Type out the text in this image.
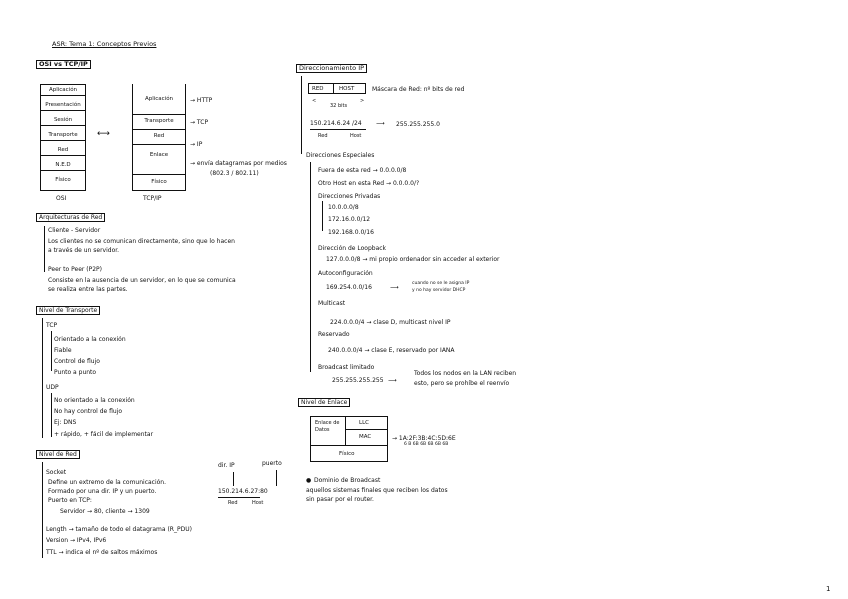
ASR: Tema 1: Conceptos Previos
OSI vs TCP/IP
Aplicación
Presentación
Sesión
Transporte
Red
N.E.D
Físico
OSI
⟷
Aplicación
Transporte
Red
Enlace
Físico
TCP/IP
→ HTTP
→ TCP
→ IP
→ envía datagramas por medios
(802.3 / 802.11)
Arquitecturas de Red
Cliente - Servidor
Los clientes no se comunican directamente, sino que lo hacen
a través de un servidor.
Peer to Peer (P2P)
Consiste en la ausencia de un servidor, en lo que se comunica
se realiza entre las partes.
Nivel de Transporte
TCP
Orientado a la conexión
Fiable
Control de flujo
Punto a punto
UDP
No orientado a la conexión
No hay control de flujo
Ej: DNS
+ rápido, + fácil de implementar
Nivel de Red
Socket
Define un extremo de la comunicación.
Formado por una dir. IP y un puerto.
Puerto en TCP:
Servidor → 80, cliente → 1309
dir. IP	puerto
150.214.6.27:80
Red	Host
Length → tamaño de todo el datagrama (R_PDU)
Version → IPv4, IPv6
TTL → indica el nº de saltos máximos
Direccionamiento IP
RED	HOST	Máscara de Red: nº bits de red
<	>
32 bits
150.214.6.24 /24 ⟶ 255.255.255.0
Red	Host
Direcciones Especiales
Fuera de esta red → 0.0.0.0/8
Otro Host en esta Red → 0.0.0.0/?
Direcciones Privadas
10.0.0.0/8
172.16.0.0/12
192.168.0.0/16
Dirección de Loopback
127.0.0.0/8 → mi propio ordenador sin acceder al exterior
Autoconfiguración
169.254.0.0/16	⟶
cuando no se le asigna IP
y no hay servidor DHCP
Multicast
224.0.0.0/4 → clase D, multicast nivel IP
Reservado
240.0.0.0/4 → clase E, reservado por IANA
Broadcast limitado
255.255.255.255 ⟶
Todos los nodos en la LAN reciben
esto, pero se prohíbe el reenvío
Nivel de Enlace
Enlace de Datos
LLC
MAC
Físico
→ 1A:2F:3B:4C:5D:6E
6 B 6B 6B 6B 6B 6B
● Dominio de Broadcast
aquellos sistemas finales que reciben los datos
sin pasar por el router.
1
